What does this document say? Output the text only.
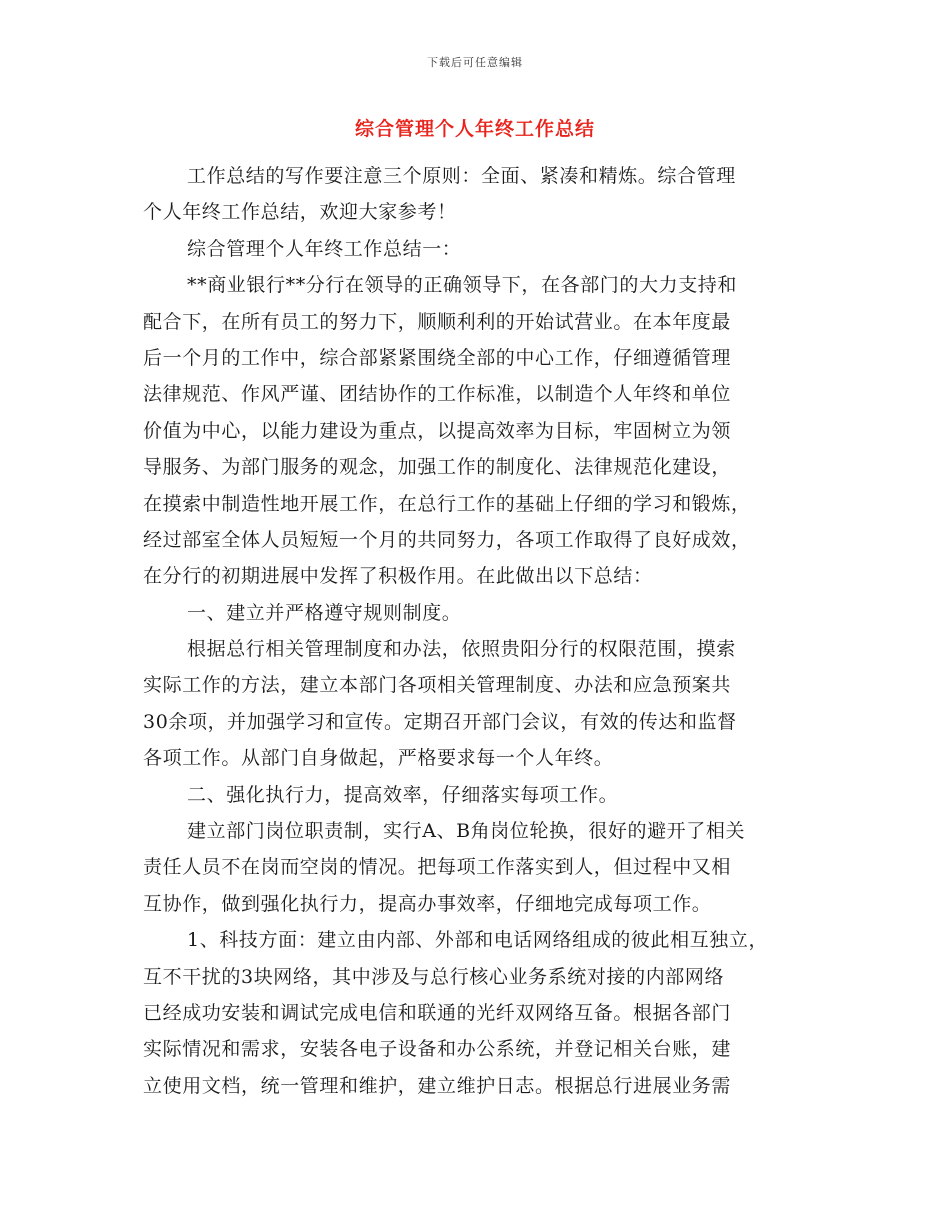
下载后可任意编辑
综合管理个人年终工作总结
工作总结的写作要注意三个原则：全面、紧凑和精炼。综合管理
个人年终工作总结，欢迎大家参考！
综合管理个人年终工作总结一：
**商业银行**分行在领导的正确领导下，在各部门的大力支持和
配合下，在所有员工的努力下，顺顺利利的开始试营业。在本年度最
后一个月的工作中，综合部紧紧围绕全部的中心工作，仔细遵循管理
法律规范、作风严谨、团结协作的工作标准，以制造个人年终和单位
价值为中心，以能力建设为重点，以提高效率为目标，牢固树立为领
导服务、为部门服务的观念，加强工作的制度化、法律规范化建设，
在摸索中制造性地开展工作，在总行工作的基础上仔细的学习和锻炼，
经过部室全体人员短短一个月的共同努力，各项工作取得了良好成效，
在分行的初期进展中发挥了积极作用。在此做出以下总结：
一、建立并严格遵守规则制度。
根据总行相关管理制度和办法，依照贵阳分行的权限范围，摸索
实际工作的方法，建立本部门各项相关管理制度、办法和应急预案共
30余项，并加强学习和宣传。定期召开部门会议，有效的传达和监督
各项工作。从部门自身做起，严格要求每一个人年终。
二、强化执行力，提高效率，仔细落实每项工作。
建立部门岗位职责制，实行A、B角岗位轮换，很好的避开了相关
责任人员不在岗而空岗的情况。把每项工作落实到人，但过程中又相
互协作，做到强化执行力，提高办事效率，仔细地完成每项工作。
1、科技方面：建立由内部、外部和电话网络组成的彼此相互独立，
互不干扰的3块网络，其中涉及与总行核心业务系统对接的内部网络
已经成功安装和调试完成电信和联通的光纤双网络互备。根据各部门
实际情况和需求，安装各电子设备和办公系统，并登记相关台账，建
立使用文档，统一管理和维护，建立维护日志。根据总行进展业务需
